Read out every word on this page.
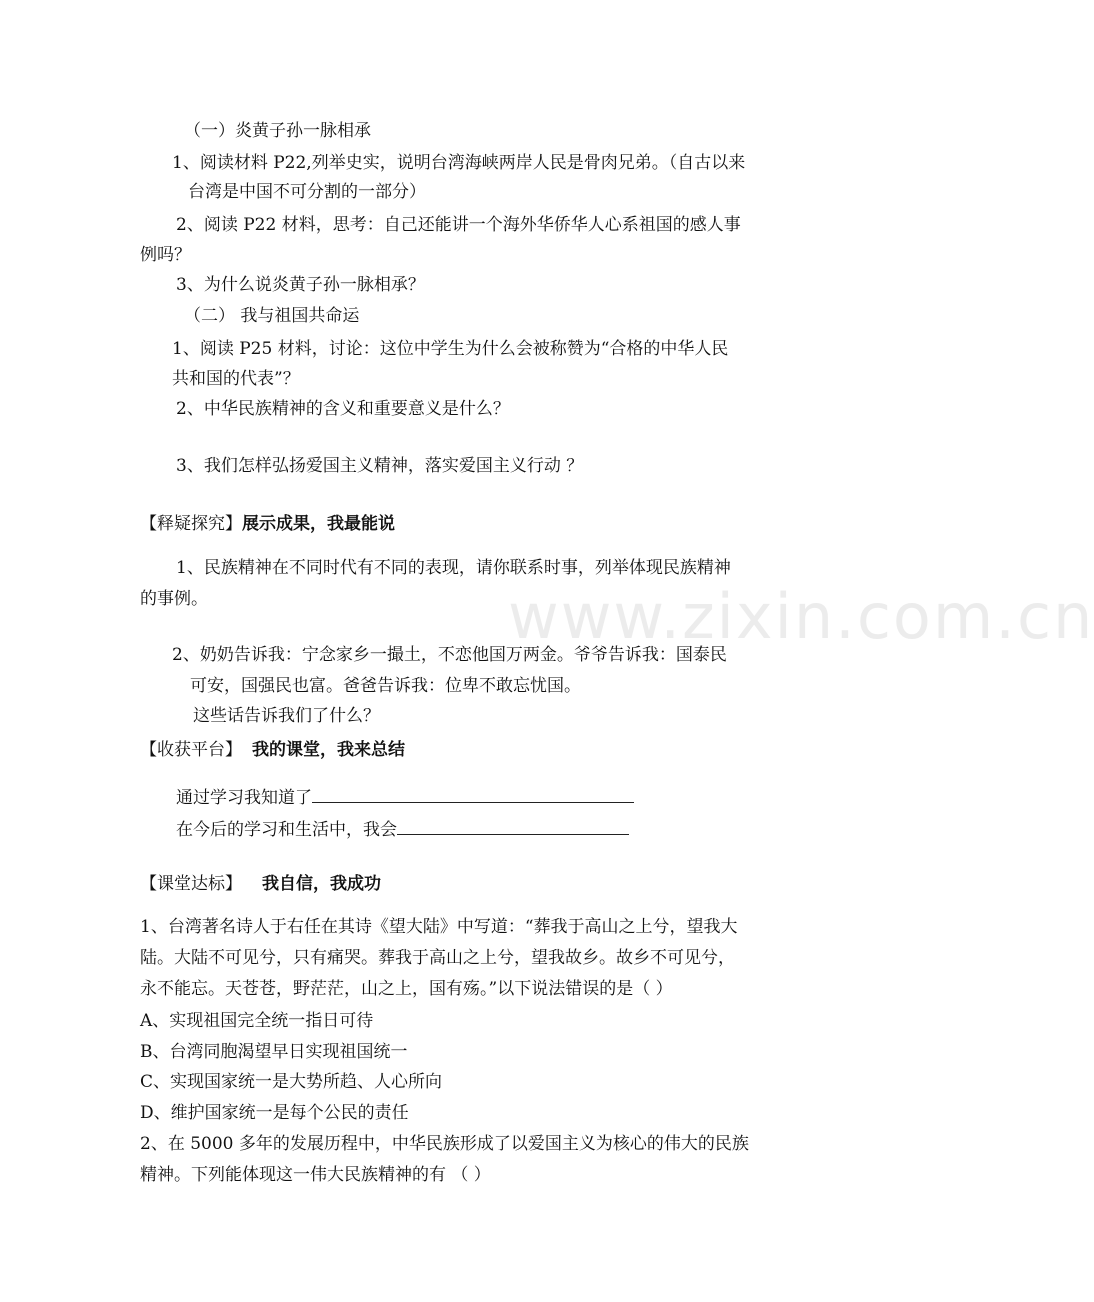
（一）炎黄子孙一脉相承
1、阅读材料 P22,列举史实，说明台湾海峡两岸人民是骨肉兄弟。（自古以来
台湾是中国不可分割的一部分）
2、阅读 P22 材料，思考：自己还能讲一个海外华侨华人心系祖国的感人事
例吗？
3、为什么说炎黄子孙一脉相承？
（二） 我与祖国共命运
1、阅读 P25 材料，讨论：这位中学生为什么会被称赞为“合格的中华人民
共和国的代表”？
2、中华民族精神的含义和重要意义是什么？
3、我们怎样弘扬爱国主义精神，落实爱国主义行动 ？
【释疑探究】展示成果，我最能说
1、民族精神在不同时代有不同的表现，请你联系时事，列举体现民族精神
的事例。
2、奶奶告诉我：宁念家乡一撮土，不恋他国万两金。爷爷告诉我：国泰民
可安，国强民也富。爸爸告诉我：位卑不敢忘忧国。
这些话告诉我们了什么？
www.zixin.com.cn
【收获平台】 我的课堂，我来总结
通过学习我知道了
在今后的学习和生活中，我会
【课堂达标】 我自信，我成功
1、台湾著名诗人于右任在其诗《望大陆》中写道：“葬我于高山之上兮，望我大
陆。大陆不可见兮，只有痛哭。葬我于高山之上兮，望我故乡。故乡不可见兮，
永不能忘。天苍苍，野茫茫，山之上，国有殇。”以下说法错误的是（ ）
A、实现祖国完全统一指日可待
B、台湾同胞渴望早日实现祖国统一
C、实现国家统一是大势所趋、人心所向
D、维护国家统一是每个公民的责任
2、在 5000 多年的发展历程中，中华民族形成了以爱国主义为核心的伟大的民族
精神。下列能体现这一伟大民族精神的有 （ ）
